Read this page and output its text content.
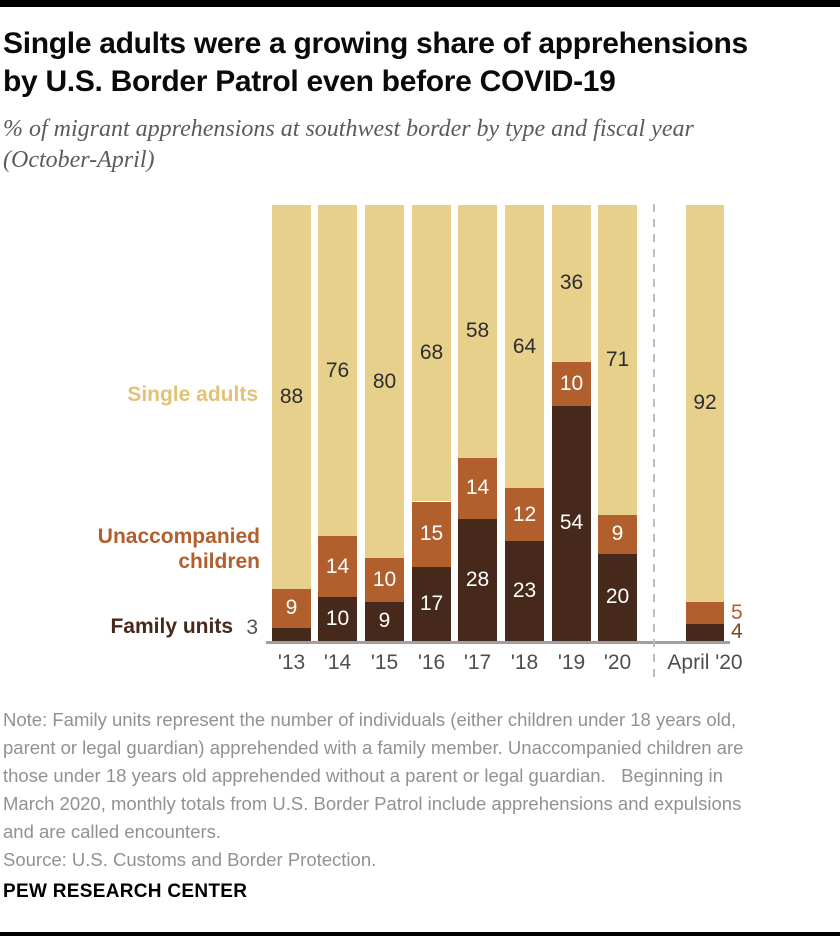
Single adults were a growing share of apprehensions
by U.S. Border Patrol even before COVID-19
% of migrant apprehensions at southwest border by type and fiscal year
(October-April)
Single adults
Unaccompanied
children
Family units
88
9
'13
76
14
10
'14
80
10
9
'15
68
15
17
'16
58
14
28
'17
64
12
23
'18
36
10
54
'19
71
9
20
'20
92
April '20
3
5
4
Note: Family units represent the number of individuals (either children under 18 years old,
parent or legal guardian) apprehended with a family member. Unaccompanied children are
those under 18 years old apprehended without a parent or legal guardian.   Beginning in
March 2020, monthly totals from U.S. Border Patrol include apprehensions and expulsions
and are called encounters.
Source: U.S. Customs and Border Protection.
PEW RESEARCH CENTER
